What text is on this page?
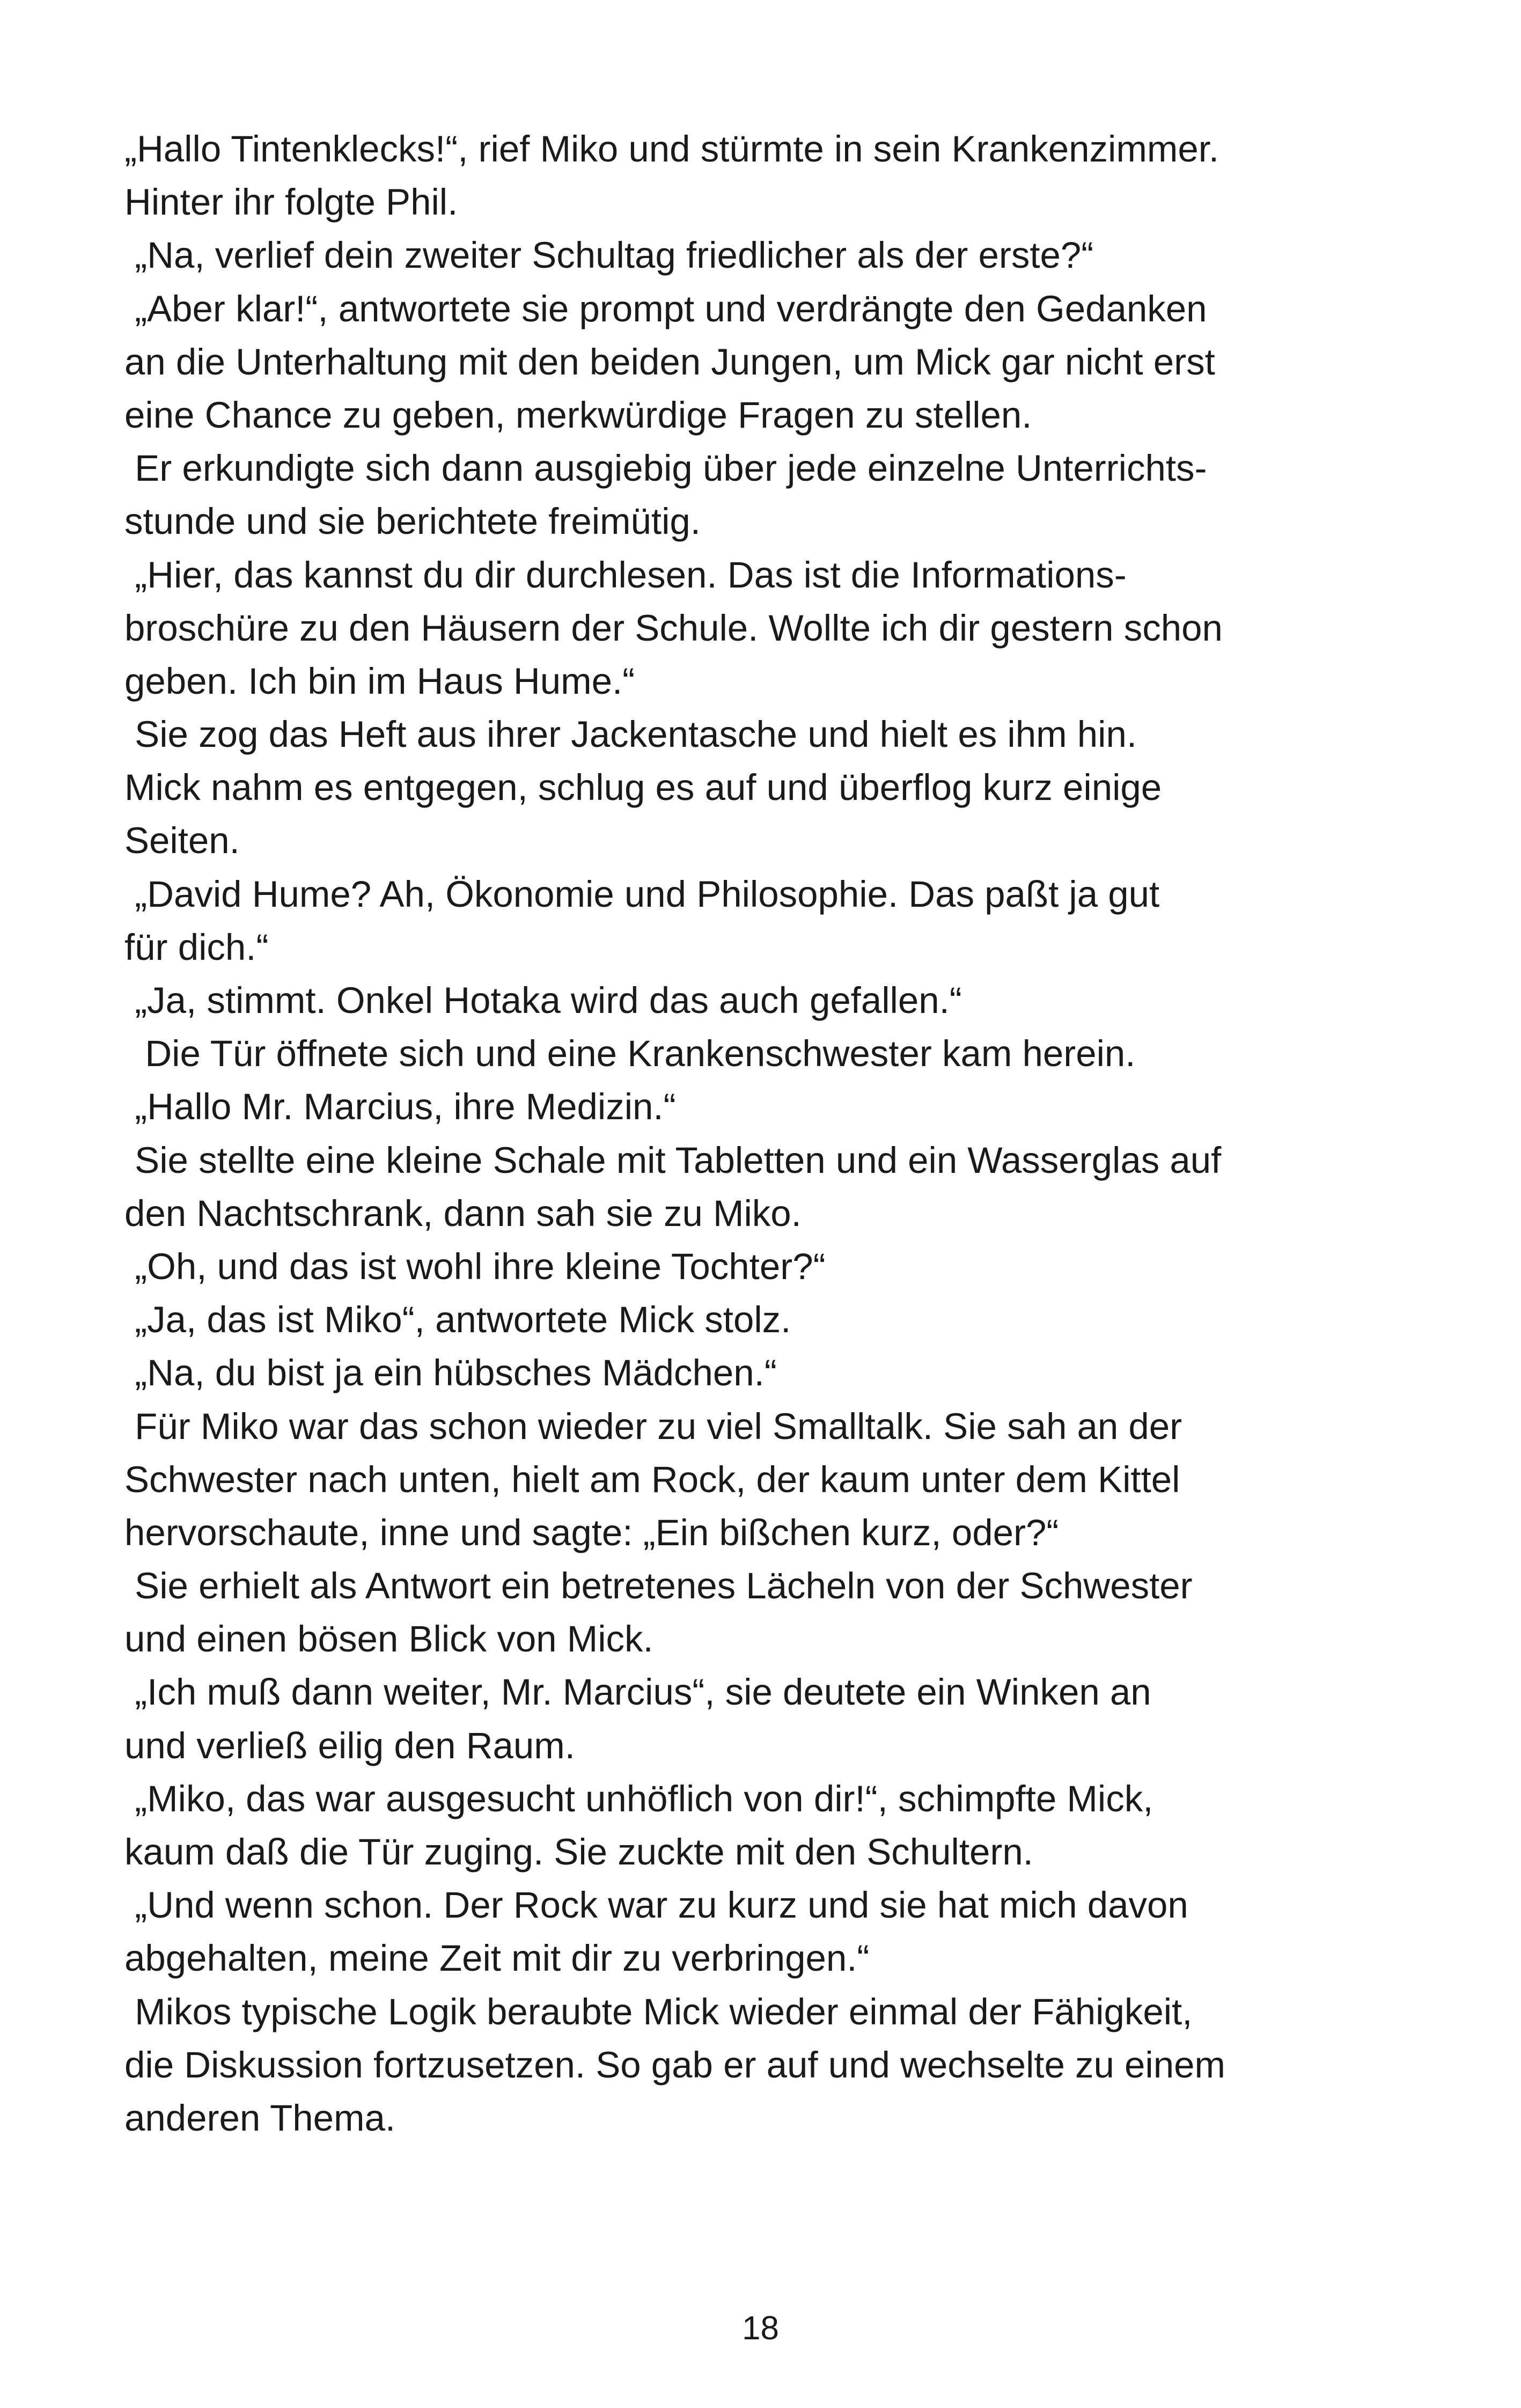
„Hallo Tintenklecks!“, rief Miko und stürmte in sein Krankenzimmer.
Hinter ihr folgte Phil.
„Na, verlief dein zweiter Schultag friedlicher als der erste?“
„Aber klar!“, antwortete sie prompt und verdrängte den Gedanken
an die Unterhaltung mit den beiden Jungen, um Mick gar nicht erst
eine Chance zu geben, merkwürdige Fragen zu stellen.
Er erkundigte sich dann ausgiebig über jede einzelne Unterrichts-
stunde und sie berichtete freimütig.
„Hier, das kannst du dir durchlesen. Das ist die Informations-
broschüre zu den Häusern der Schule. Wollte ich dir gestern schon
geben. Ich bin im Haus Hume.“
Sie zog das Heft aus ihrer Jackentasche und hielt es ihm hin.
Mick nahm es entgegen, schlug es auf und überflog kurz einige
Seiten.
„David Hume? Ah, Ökonomie und Philosophie. Das paßt ja gut
für dich.“
„Ja, stimmt. Onkel Hotaka wird das auch gefallen.“
Die Tür öffnete sich und eine Krankenschwester kam herein.
„Hallo Mr. Marcius, ihre Medizin.“
Sie stellte eine kleine Schale mit Tabletten und ein Wasserglas auf
den Nachtschrank, dann sah sie zu Miko.
„Oh, und das ist wohl ihre kleine Tochter?“
„Ja, das ist Miko“, antwortete Mick stolz.
„Na, du bist ja ein hübsches Mädchen.“
Für Miko war das schon wieder zu viel Smalltalk. Sie sah an der
Schwester nach unten, hielt am Rock, der kaum unter dem Kittel
hervorschaute, inne und sagte: „Ein bißchen kurz, oder?“
Sie erhielt als Antwort ein betretenes Lächeln von der Schwester
und einen bösen Blick von Mick.
„Ich muß dann weiter, Mr. Marcius“, sie deutete ein Winken an
und verließ eilig den Raum.
„Miko, das war ausgesucht unhöflich von dir!“, schimpfte Mick,
kaum daß die Tür zuging. Sie zuckte mit den Schultern.
„Und wenn schon. Der Rock war zu kurz und sie hat mich davon
abgehalten, meine Zeit mit dir zu verbringen.“
Mikos typische Logik beraubte Mick wieder einmal der Fähigkeit,
die Diskussion fortzusetzen. So gab er auf und wechselte zu einem
anderen Thema.
18
